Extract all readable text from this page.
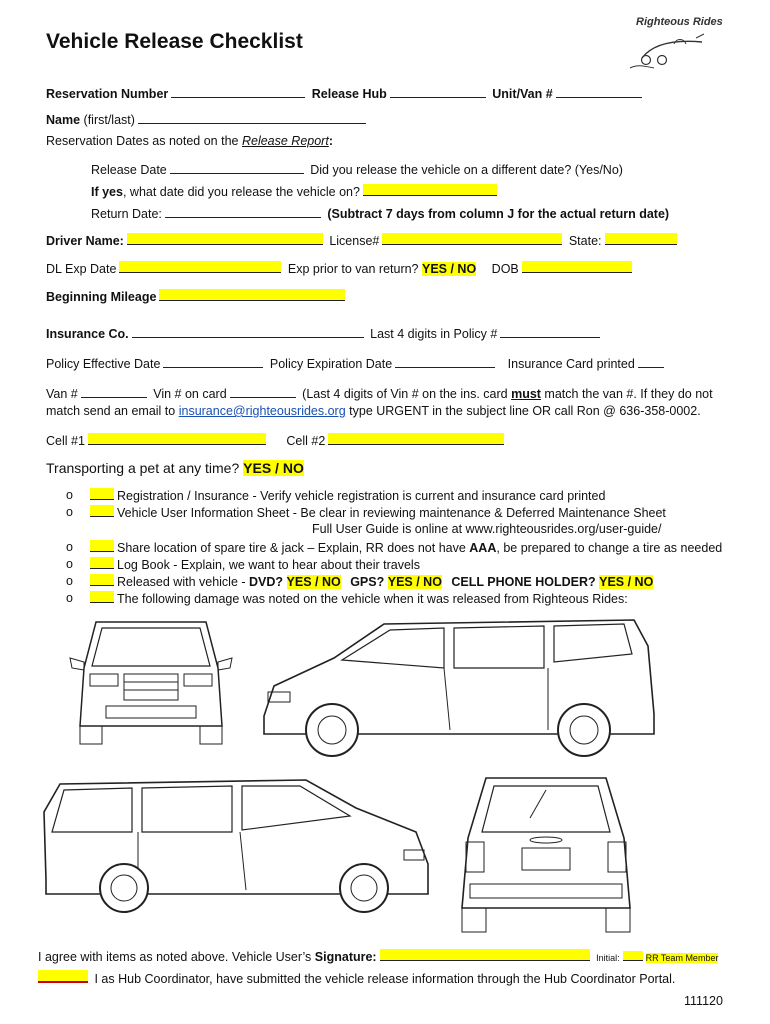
Righteous Rides
Vehicle Release Checklist
Reservation Number	Release Hub	Unit/Van #
Name (first/last)
Reservation Dates as noted on the Release Report:
Release Date	Did you release the vehicle on a different date? (Yes/No)
If yes, what date did you release the vehicle on?
Return Date:	(Subtract 7 days from column J for the actual return date)
Driver Name:	License#	State:
DL Exp Date	Exp prior to van return? YES / NO DOB
Beginning Mileage
Insurance Co.	Last 4 digits in Policy #
Policy Effective Date	Policy Expiration Date	Insurance Card printed
Van #	Vin # on card	(Last 4 digits of Vin # on the ins. card must match the van #. If they do not
match send an email to insurance@righteousrides.org type URGENT in the subject line OR call Ron @ 636-358-0002.
Cell #1	Cell #2
Transporting a pet at any time? YES / NO
o	Registration / Insurance - Verify vehicle registration is current and insurance card printed
o	Vehicle User Information Sheet - Be clear in reviewing maintenance & Deferred Maintenance Sheet
Full User Guide is online at www.righteousrides.org/user-guide/
o	Share location of spare tire & jack – Explain, RR does not have AAA, be prepared to change a tire as needed
o	Log Book - Explain, we want to hear about their travels
o	Released with vehicle - DVD? YES / NO GPS? YES / NO CELL PHONE HOLDER? YES / NO
o	The following damage was noted on the vehicle when it was released from Righteous Rides:
I agree with items as noted above. Vehicle User’s Signature:	Initial:	RR Team Member
I as Hub Coordinator, have submitted the vehicle release information through the Hub Coordinator Portal.
111120
